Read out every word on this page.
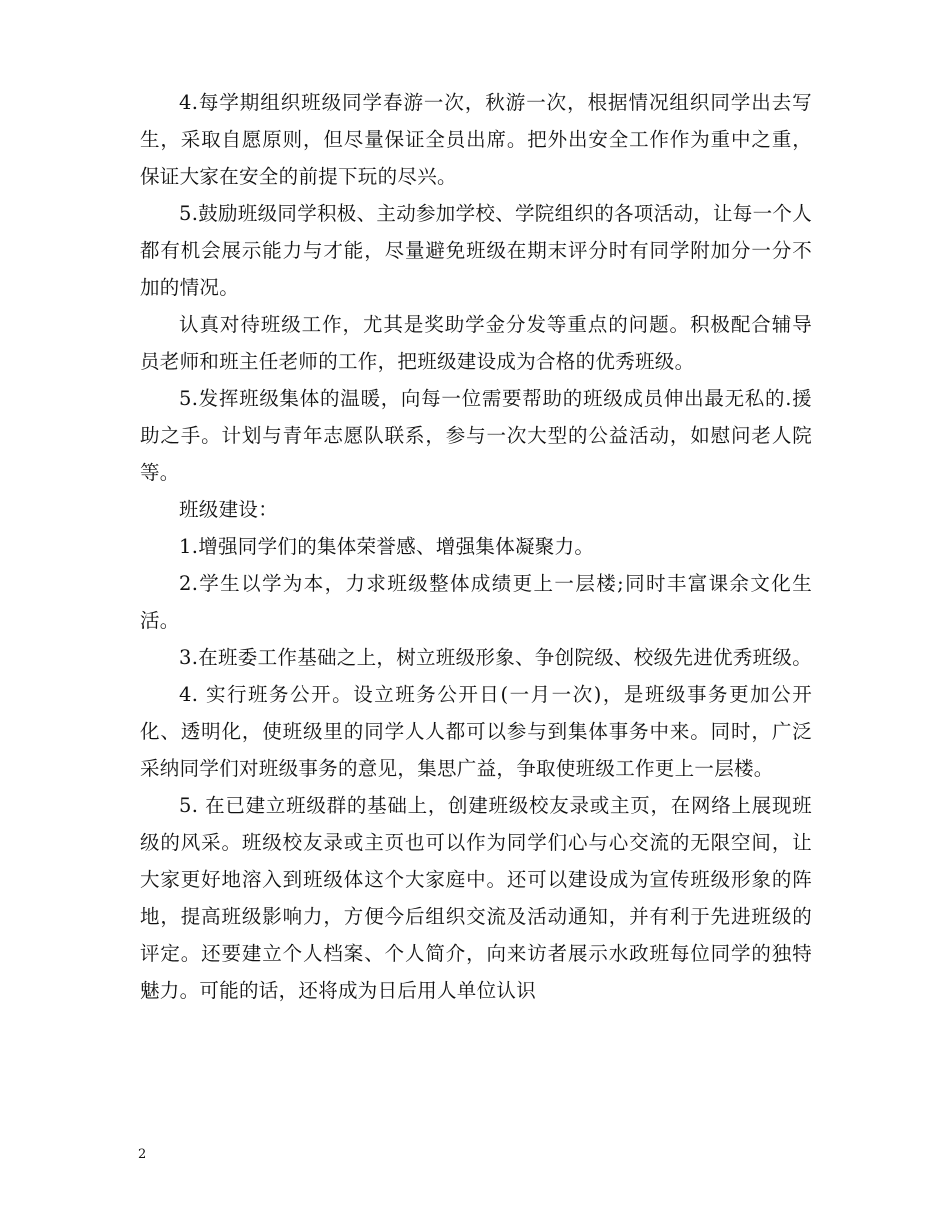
4.每学期组织班级同学春游一次，秋游一次，根据情况组织同学出去写生，采取自愿原则，但尽量保证全员出席。把外出安全工作作为重中之重，保证大家在安全的前提下玩的尽兴。

5.鼓励班级同学积极、主动参加学校、学院组织的各项活动，让每一个人都有机会展示能力与才能，尽量避免班级在期末评分时有同学附加分一分不加的情况。

认真对待班级工作，尤其是奖助学金分发等重点的问题。积极配合辅导员老师和班主任老师的工作，把班级建设成为合格的优秀班级。

5.发挥班级集体的温暖，向每一位需要帮助的班级成员伸出最无私的.援助之手。计划与青年志愿队联系，参与一次大型的公益活动，如慰问老人院等。

班级建设：

1.增强同学们的集体荣誉感、增强集体凝聚力。

2.学生以学为本，力求班级整体成绩更上一层楼;同时丰富课余文化生活。

3.在班委工作基础之上，树立班级形象、争创院级、校级先进优秀班级。

4. 实行班务公开。设立班务公开日(一月一次)，是班级事务更加公开化、透明化，使班级里的同学人人都可以参与到集体事务中来。同时，广泛采纳同学们对班级事务的意见，集思广益，争取使班级工作更上一层楼。

5. 在已建立班级群的基础上，创建班级校友录或主页，在网络上展现班级的风采。班级校友录或主页也可以作为同学们心与心交流的无限空间，让大家更好地溶入到班级体这个大家庭中。还可以建设成为宣传班级形象的阵地，提高班级影响力，方便今后组织交流及活动通知，并有利于先进班级的评定。还要建立个人档案、个人简介，向来访者展示水政班每位同学的独特魅力。可能的话，还将成为日后用人单位认识

2
